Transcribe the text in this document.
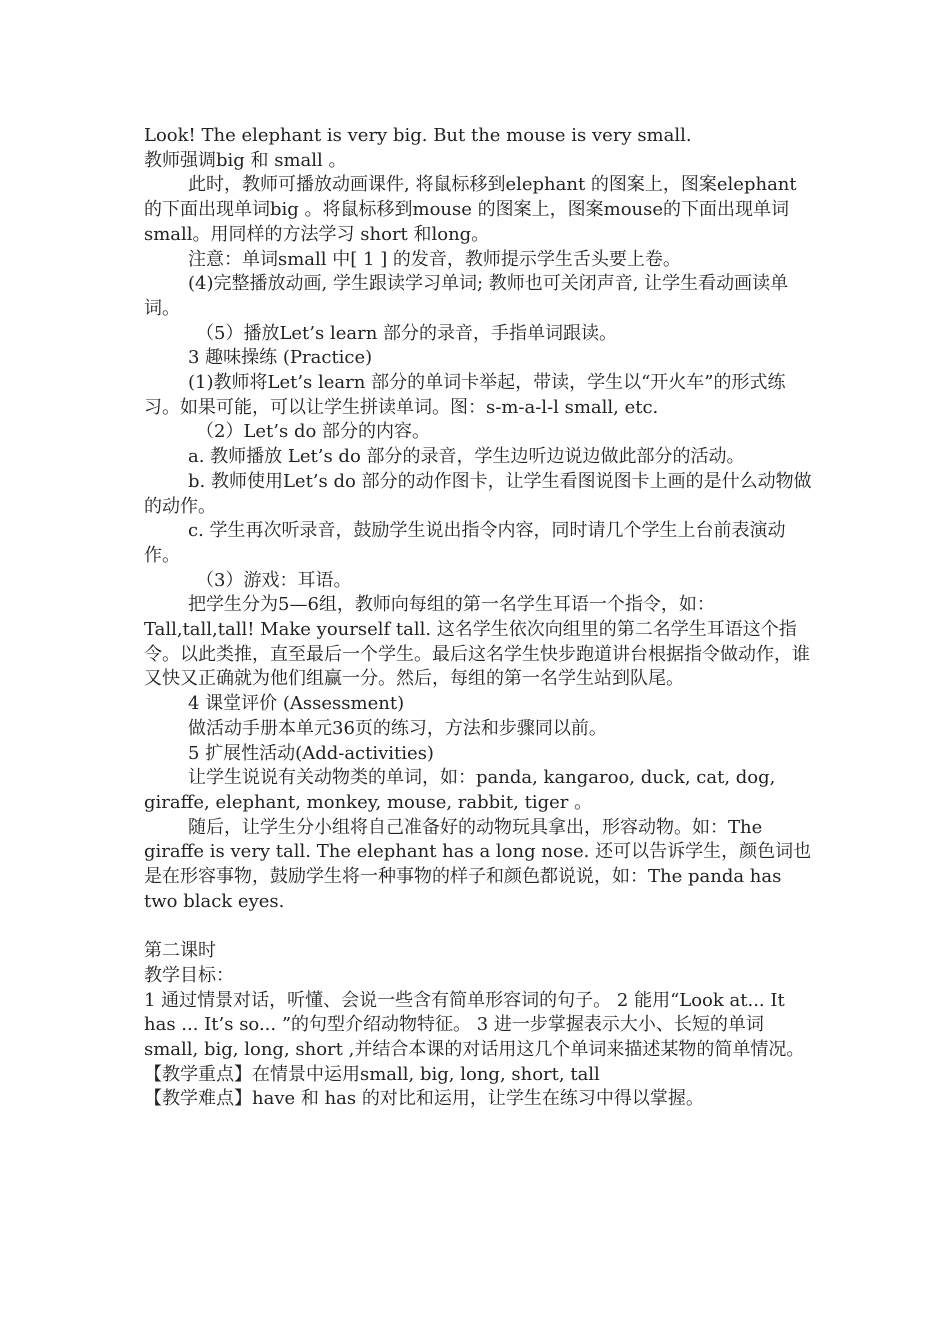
Look! The elephant is very big. But the mouse is very small.

教师强调big 和 small 。

此时，教师可播放动画课件, 将鼠标移到elephant 的图案上，图案elephant的下面出现单词big 。将鼠标移到mouse 的图案上，图案mouse的下面出现单词small。用同样的方法学习 short 和long。

注意：单词small 中[ 1 ] 的发音，教师提示学生舌头要上卷。

(4)完整播放动画, 学生跟读学习单词; 教师也可关闭声音, 让学生看动画读单词。

（5）播放Let’s learn 部分的录音，手指单词跟读。

3 趣味操练 (Practice)

(1)教师将Let’s learn 部分的单词卡举起，带读，学生以“开火车”的形式练习。如果可能，可以让学生拼读单词。图：s-m-a-l-l small, etc.

（2）Let’s do 部分的内容。

a. 教师播放 Let’s do 部分的录音，学生边听边说边做此部分的活动。

b. 教师使用Let’s do 部分的动作图卡，让学生看图说图卡上画的是什么动物做的动作。

c. 学生再次听录音，鼓励学生说出指令内容，同时请几个学生上台前表演动作。

（3）游戏：耳语。

把学生分为5—6组，教师向每组的第一名学生耳语一个指令，如：Tall,tall,tall! Make yourself tall. 这名学生依次向组里的第二名学生耳语这个指令。以此类推，直至最后一个学生。最后这名学生快步跑道讲台根据指令做动作，谁又快又正确就为他们组赢一分。然后，每组的第一名学生站到队尾。

4 课堂评价 (Assessment)

做活动手册本单元36页的练习，方法和步骤同以前。

5 扩展性活动(Add-activities)

让学生说说有关动物类的单词，如：panda, kangaroo, duck, cat, dog, giraffe, elephant, monkey, mouse, rabbit, tiger 。

随后，让学生分小组将自己准备好的动物玩具拿出，形容动物。如：The giraffe is very tall. The elephant has a long nose. 还可以告诉学生，颜色词也是在形容事物，鼓励学生将一种事物的样子和颜色都说说，如：The panda has two black eyes.

第二课时

教学目标：

1 通过情景对话，听懂、会说一些含有简单形容词的句子。 2 能用“Look at... It has ... It’s so... ”的句型介绍动物特征。 3 进一步掌握表示大小、长短的单词 small, big, long, short ,并结合本课的对话用这几个单词来描述某物的简单情况。

【教学重点】在情景中运用small, big, long, short, tall

【教学难点】have 和 has 的对比和运用，让学生在练习中得以掌握。
